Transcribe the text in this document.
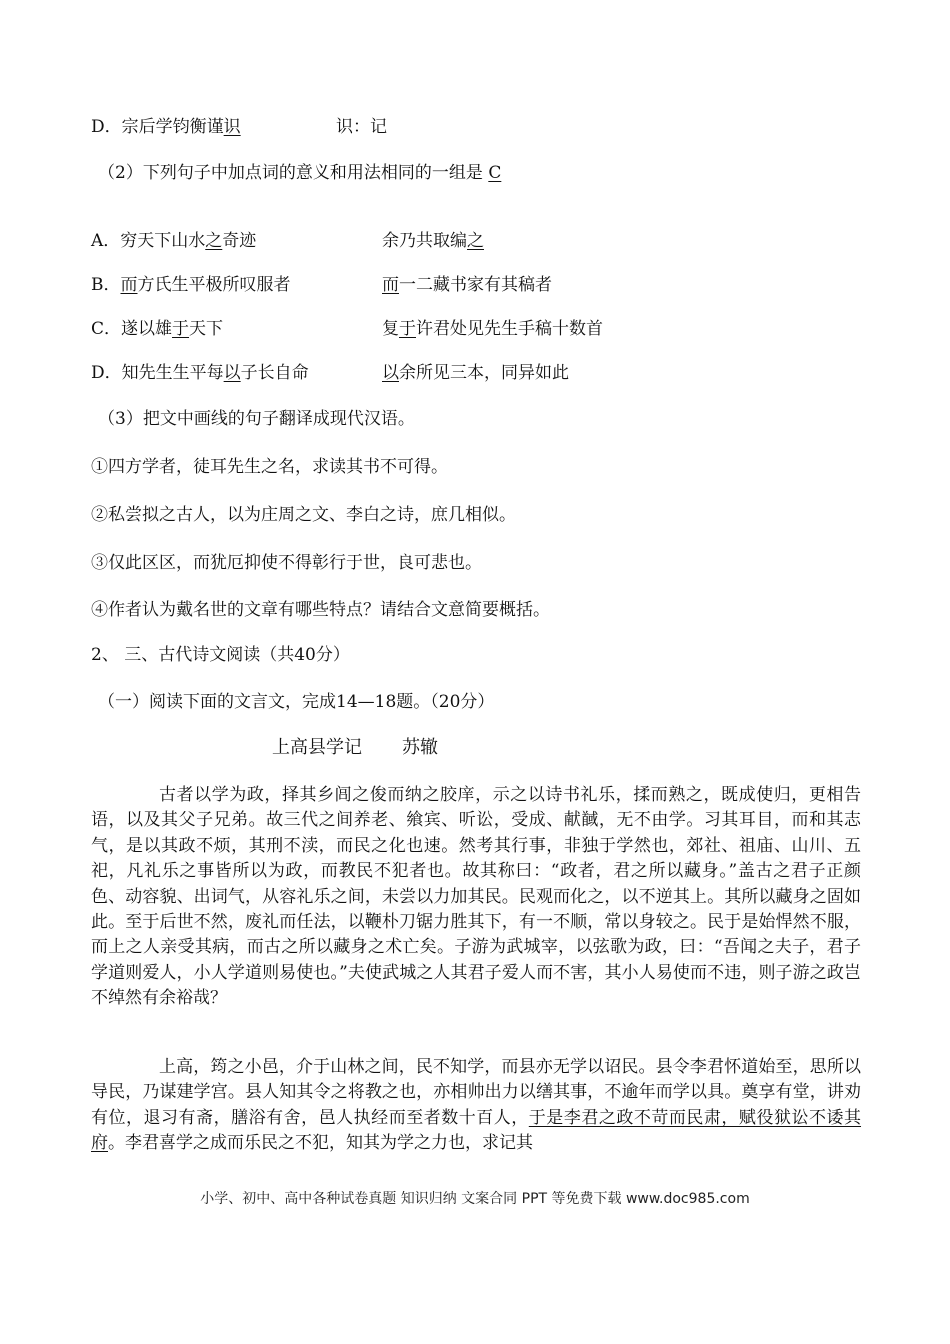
D．宗后学钧衡谨识	识：记
（2）下列句子中加点词的意义和用法相同的一组是 C
A．穷天下山水之奇迹	余乃共取编之
B．而方氏生平极所叹服者	而一二藏书家有其稿者
C．遂以雄于天下	复于许君处见先生手稿十数首
D．知先生生平每以子长自命	以余所见三本，同异如此
（3）把文中画线的句子翻译成现代汉语。
①四方学者，徒耳先生之名，求读其书不可得。
②私尝拟之古人，以为庄周之文、李白之诗，庶几相似。
③仅此区区，而犹厄抑使不得彰行于世，良可悲也。
④作者认为戴名世的文章有哪些特点？请结合文意简要概括。
2、 三、古代诗文阅读（共40分）
（一）阅读下面的文言文，完成14—18题。（20分）
上高县学记 苏辙
古者以学为政，择其乡闾之俊而纳之胶庠，示之以诗书礼乐，揉而熟之，既成使归，更相告语，以及其父子兄弟。故三代之间养老、飨宾、听讼，受成、献馘，无不由学。习其耳目，而和其志气，是以其政不烦，其刑不渎，而民之化也速。然考其行事，非独于学然也，郊社、祖庙、山川、五祀，凡礼乐之事皆所以为政，而教民不犯者也。故其称曰：“政者，君之所以藏身。”盖古之君子正颜色、动容貌、出词气，从容礼乐之间，未尝以力加其民。民观而化之，以不逆其上。其所以藏身之固如此。至于后世不然，废礼而任法，以鞭朴刀锯力胜其下，有一不顺，常以身较之。民于是始悍然不服，而上之人亲受其病，而古之所以藏身之术亡矣。子游为武城宰，以弦歌为政，曰：“吾闻之夫子，君子学道则爱人，小人学道则易使也。”夫使武城之人其君子爱人而不害，其小人易使而不违，则子游之政岂不绰然有余裕哉？
上高，筠之小邑，介于山林之间，民不知学，而县亦无学以诏民。县令李君怀道始至，思所以导民，乃谋建学宫。县人知其令之将教之也，亦相帅出力以缮其事，不逾年而学以具。奠享有堂，讲劝有位，退习有斋，膳浴有舍，邑人执经而至者数十百人，于是李君之政不苛而民肃，赋役狱讼不诿其府。李君喜学之成而乐民之不犯，知其为学之力也，求记其
小学、初中、高中各种试卷真题 知识归纳 文案合同 PPT 等免费下载 www.doc985.com
